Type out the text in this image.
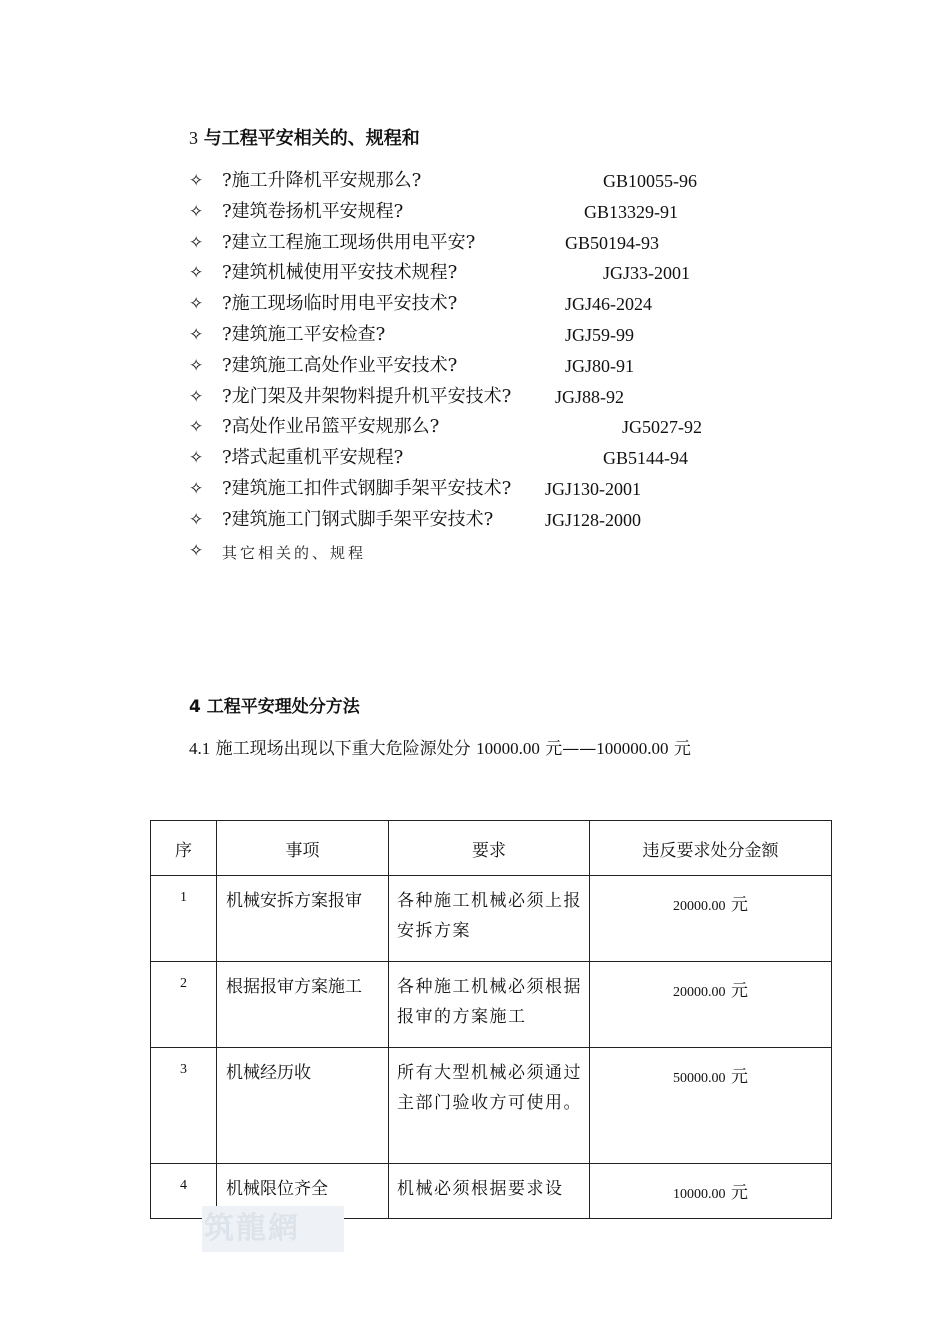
3 与工程平安相关的、规程和
✧ ?施工升降机平安规那么?	GB10055-96
✧ ?建筑卷扬机平安规程?	GB13329-91
✧ ?建立工程施工现场供用电平安?	GB50194-93
✧ ?建筑机械使用平安技术规程?	JGJ33-2001
✧ ?施工现场临时用电平安技术?	JGJ46-2024
✧ ?建筑施工平安检查?	JGJ59-99
✧ ?建筑施工高处作业平安技术?	JGJ80-91
✧ ?龙门架及井架物料提升机平安技术? JGJ88-92
✧ ?高处作业吊篮平安规那么?	JG5027-92
✧ ?塔式起重机平安规程?	GB5144-94
✧ ?建筑施工扣件式钢脚手架平安技术? JGJ130-2001
✧ ?建筑施工门钢式脚手架平安技术?	JGJ128-2000
✧ 其它相关的、规程
4 工程平安理处分方法
4.1 施工现场出现以下重大危险源处分 10000.00 元——100000.00 元
序	事项	要求	违反要求处分金额
1	机械安拆方案报审	各种施工机械必须上报安拆方案	20000.00 元
2	根据报审方案施工	各种施工机械必须根据报审的方案施工	20000.00 元
3	机械经历收	所有大型机械必须通过主部门验收方可使用。	50000.00 元
4	机械限位齐全	机械必须根据要求设	10000.00 元
筑龍網
